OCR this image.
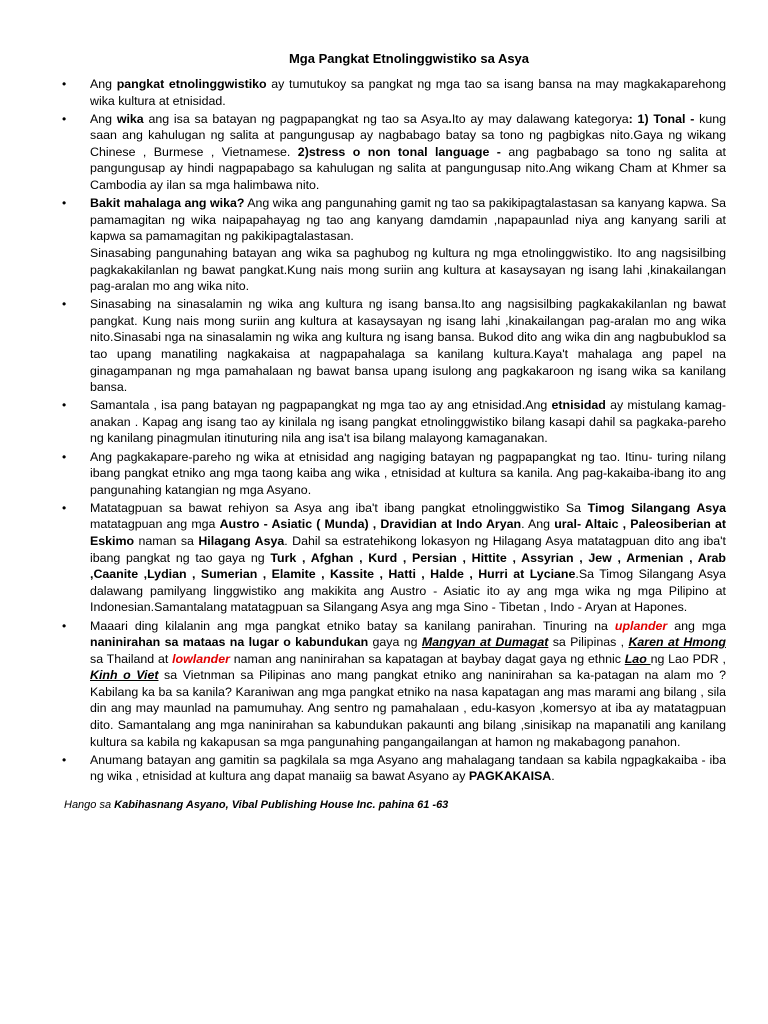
Mga Pangkat Etnolinggwistiko sa Asya
• Ang pangkat etnolinggwistiko ay tumutukoy sa pangkat ng mga tao sa isang bansa na may magkakaparehong wika kultura at etnisidad.
• Ang wika ang isa sa batayan ng pagpapangkat ng tao sa Asya.Ito ay may dalawang kategorya: 1) Tonal - kung saan ang kahulugan ng salita at pangungusap ay nagbabago batay sa tono ng pagbigkas nito.Gaya ng wikang Chinese , Burmese , Vietnamese. 2)stress o non tonal language - ang pagbabago sa tono ng salita at pangungusap ay hindi nagpapabago sa kahulugan ng salita at pangungusap nito.Ang wikang Cham at Khmer sa Cambodia ay ilan sa mga halimbawa nito.
• Bakit mahalaga ang wika? Ang wika ang pangunahing gamit ng tao sa pakikipagtalastasan sa kanyang kapwa. Sa pamamagitan ng wika naipapahayag ng tao ang kanyang damdamin ,napapaunlad niya ang kanyang sarili at kapwa sa pamamagitan ng pakikipagtalastasan.
Sinasabing pangunahing batayan ang wika sa paghubog ng kultura ng mga etnolinggwistiko. Ito ang nagsisilbing pagkakakilanlan ng bawat pangkat.Kung nais mong suriin ang kultura at kasaysayan ng isang lahi ,kinakailangan pag-aralan mo ang wika nito.
• Sinasabing na sinasalamin ng wika ang kultura ng isang bansa.Ito ang nagsisilbing pagkakakilanlan ng bawat pangkat. Kung nais mong suriin ang kultura at kasaysayan ng isang lahi ,kinakailangan pag-aralan mo ang wika nito.Sinasabi nga na sinasalamin ng wika ang kultura ng isang bansa. Bukod dito ang wika din ang nagbubuklod sa tao upang manatiling nagkakaisa at nagpapahalaga sa kanilang kultura.Kaya't mahalaga ang papel na ginagampanan ng mga pamahalaan ng bawat bansa upang isulong ang pagkakaroon ng isang wika sa kanilang bansa.
• Samantala , isa pang batayan ng pagpapangkat ng mga tao ay ang etnisidad.Ang etnisidad ay mistulang kamag-anakan . Kapag ang isang tao ay kinilala ng isang pangkat etnolinggwistiko bilang kasapi dahil sa pagkaka-pareho ng kanilang pinagmulan itinuturing nila ang isa't isa bilang malayong kamaganakan.
• Ang pagkakapare-pareho ng wika at etnisidad ang nagiging batayan ng pagpapangkat ng tao. Itinu- turing nilang ibang pangkat etniko ang mga taong kaiba ang wika , etnisidad at kultura sa kanila. Ang pag-kakaiba-ibang ito ang pangunahing katangian ng mga Asyano.
• Matatagpuan sa bawat rehiyon sa Asya ang iba't ibang pangkat etnolinggwistiko Sa Timog Silangang Asya matatagpuan ang mga Austro - Asiatic ( Munda) , Dravidian at Indo Aryan. Ang ural- Altaic , Paleosiberian at Eskimo naman sa Hilagang Asya. Dahil sa estratehikong lokasyon ng Hilagang Asya matatagpuan dito ang iba't ibang pangkat ng tao gaya ng Turk , Afghan , Kurd , Persian , Hittite , Assyrian , Jew , Armenian , Arab ,Caanite ,Lydian , Sumerian , Elamite , Kassite , Hatti , Halde , Hurri at Lyciane.Sa Timog Silangang Asya dalawang pamilyang linggwistiko ang makikita ang Austro - Asiatic ito ay ang mga wika ng mga Pilipino at Indonesian.Samantalang matatagpuan sa Silangang Asya ang mga Sino - Tibetan , Indo - Aryan at Hapones.
• Maaari ding kilalanin ang mga pangkat etniko batay sa kanilang panirahan. Tinuring na uplander ang mga naninirahan sa mataas na lugar o kabundukan gaya ng Mangyan at Dumagat sa Pilipinas , Karen at Hmong sa Thailand at lowlander naman ang naninirahan sa kapatagan at baybay dagat gaya ng ethnic Lao ng Lao PDR , Kinh o Viet sa Vietnman sa Pilipinas ano mang pangkat etniko ang naninirahan sa ka-patagan na alam mo ?Kabilang ka ba sa kanila? Karaniwan ang mga pangkat etniko na nasa kapatagan ang mas marami ang bilang , sila din ang may maunlad na pamumuhay. Ang sentro ng pamahalaan , edu-kasyon ,komersyo at iba ay matatagpuan dito. Samantalang ang mga naninirahan sa kabundukan pakaunti ang bilang ,sinisikap na mapanatili ang kanilang kultura sa kabila ng kakapusan sa mga pangunahing pangangailangan at hamon ng makabagong panahon.
• Anumang batayan ang gamitin sa pagkilala sa mga Asyano ang mahalagang tandaan sa kabila ngpagkakaiba - iba ng wika , etnisidad at kultura ang dapat manaiig sa bawat Asyano ay PAGKAKAISA.
Hango sa Kabihasnang Asyano, Vibal Publishing House Inc. pahina 61 -63
